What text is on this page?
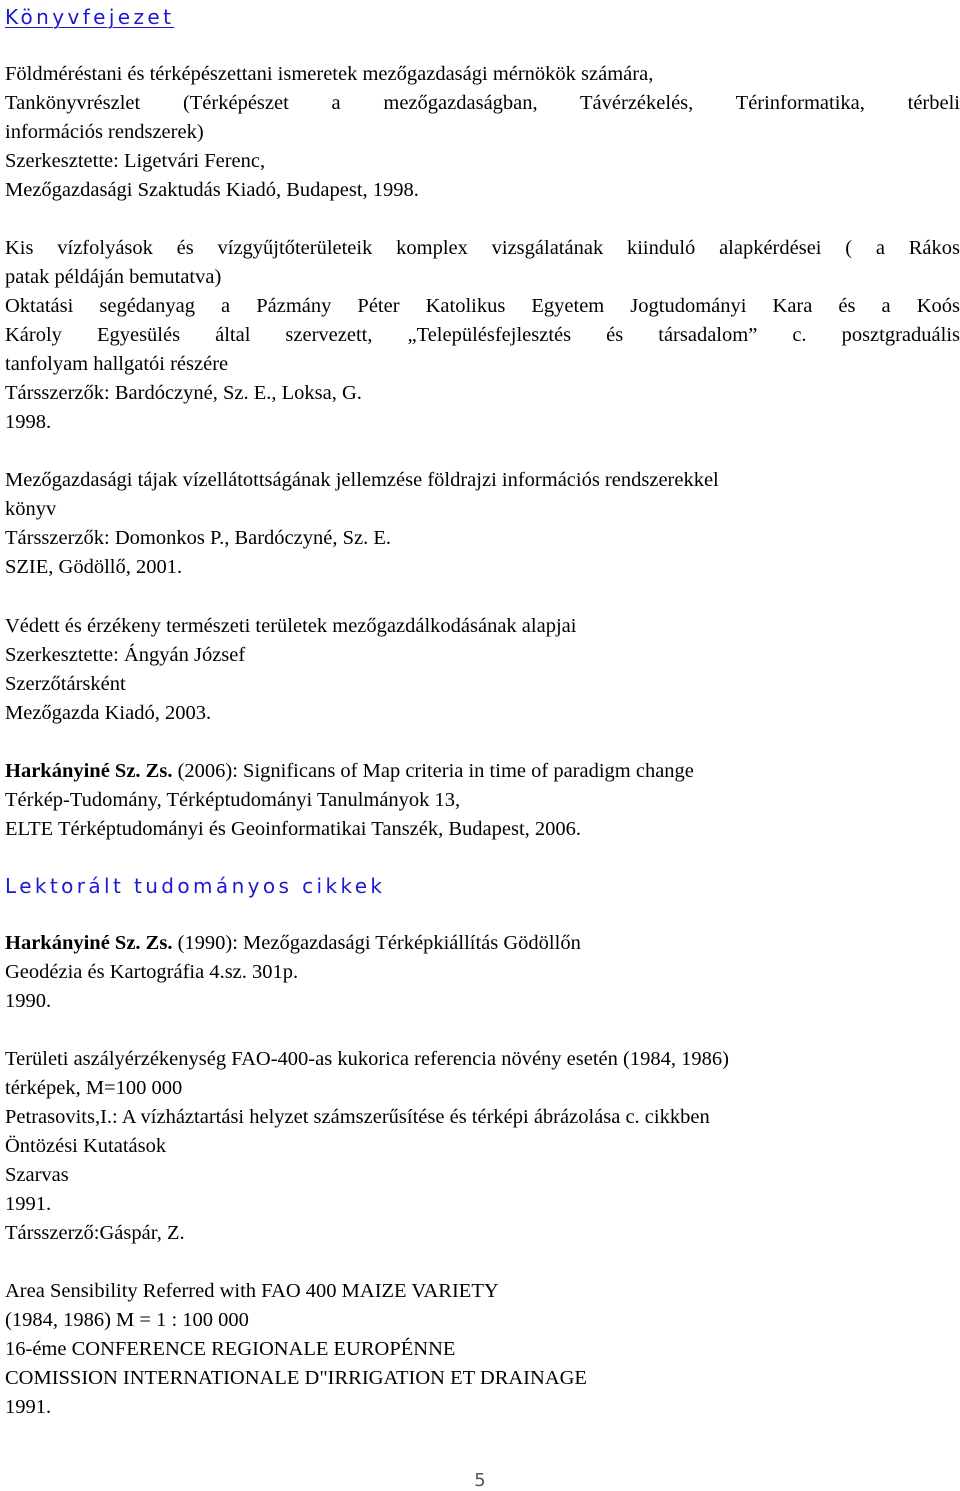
Könyvfejezet
Földméréstani és térképészettani ismeretek mezőgazdasági mérnökök számára,
Tankönyvrészlet (Térképészet a mezőgazdaságban, Távérzékelés, Térinformatika, térbeli
információs rendszerek)
Szerkesztette: Ligetvári Ferenc,
Mezőgazdasági Szaktudás Kiadó, Budapest, 1998.
Kis vízfolyások és vízgyűjtőterületeik komplex vizsgálatának kiinduló alapkérdései ( a Rákos
patak példáján bemutatva)
Oktatási segédanyag a Pázmány Péter Katolikus Egyetem Jogtudományi Kara és a Koós
Károly Egyesülés által szervezett, „Településfejlesztés és társadalom” c. posztgraduális
tanfolyam hallgatói részére
Társszerzők: Bardóczyné, Sz. E., Loksa, G.
1998.
Mezőgazdasági tájak vízellátottságának jellemzése földrajzi információs rendszerekkel
könyv
Társszerzők: Domonkos P., Bardóczyné, Sz. E.
SZIE, Gödöllő, 2001.
Védett és érzékeny természeti területek mezőgazdálkodásának alapjai
Szerkesztette: Ángyán József
Szerzőtársként
Mezőgazda Kiadó, 2003.
Harkányiné Sz. Zs. (2006): Significans of Map criteria in time of paradigm change
Térkép-Tudomány, Térképtudományi Tanulmányok 13,
ELTE Térképtudományi és Geoinformatikai Tanszék, Budapest, 2006.
Lektorált tudományos cikkek
Harkányiné Sz. Zs. (1990): Mezőgazdasági Térképkiállítás Gödöllőn
Geodézia és Kartográfia 4.sz. 301p.
1990.
Területi aszályérzékenység FAO-400-as kukorica referencia növény esetén (1984, 1986)
térképek, M=100 000
Petrasovits,I.: A vízháztartási helyzet számszerűsítése és térképi ábrázolása c. cikkben
Öntözési Kutatások
Szarvas
1991.
Társszerző:Gáspár, Z.
Area Sensibility Referred with FAO 400 MAIZE VARIETY
(1984, 1986) M = 1 : 100 000
16-éme CONFERENCE REGIONALE EUROPÉNNE
COMISSION INTERNATIONALE D"IRRIGATION ET DRAINAGE
1991.
5
